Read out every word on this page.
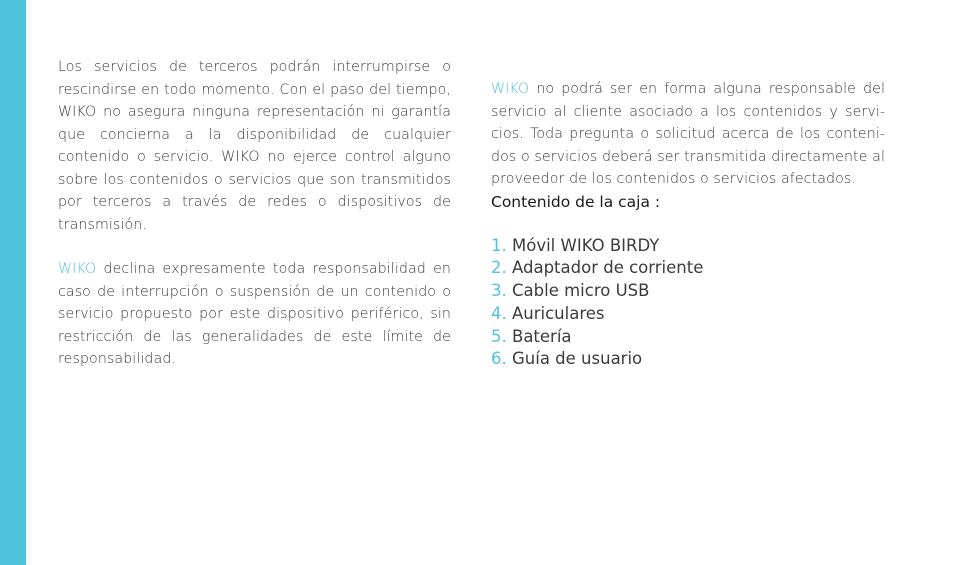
Los servicios de terceros podrán interrumpirse o rescindirse en todo momento. Con el paso del tiempo, WIKO no asegura ninguna representación ni garantía que concierna a la disponibilidad de cualquier contenido o servicio. WIKO no ejerce control alguno sobre los contenidos o servicios que son transmitidos por terceros a través de redes o dispositivos de transmisión.

WIKO declina expresamente toda responsabilidad en caso de interrupción o suspensión de un contenido o servicio propuesto por este dispositivo periférico, sin restricción de las generalidades de este límite de responsabilidad.

WIKO no podrá ser en forma alguna responsable del servicio al cliente asociado a los contenidos y servicios. Toda pregunta o solicitud acerca de los contenidos o servicios deberá ser transmitida directamente al proveedor de los contenidos o servicios afectados.

Contenido de la caja :

1. Móvil WIKO BIRDY
2. Adaptador de corriente
3. Cable micro USB
4. Auriculares
5. Batería
6. Guía de usuario
